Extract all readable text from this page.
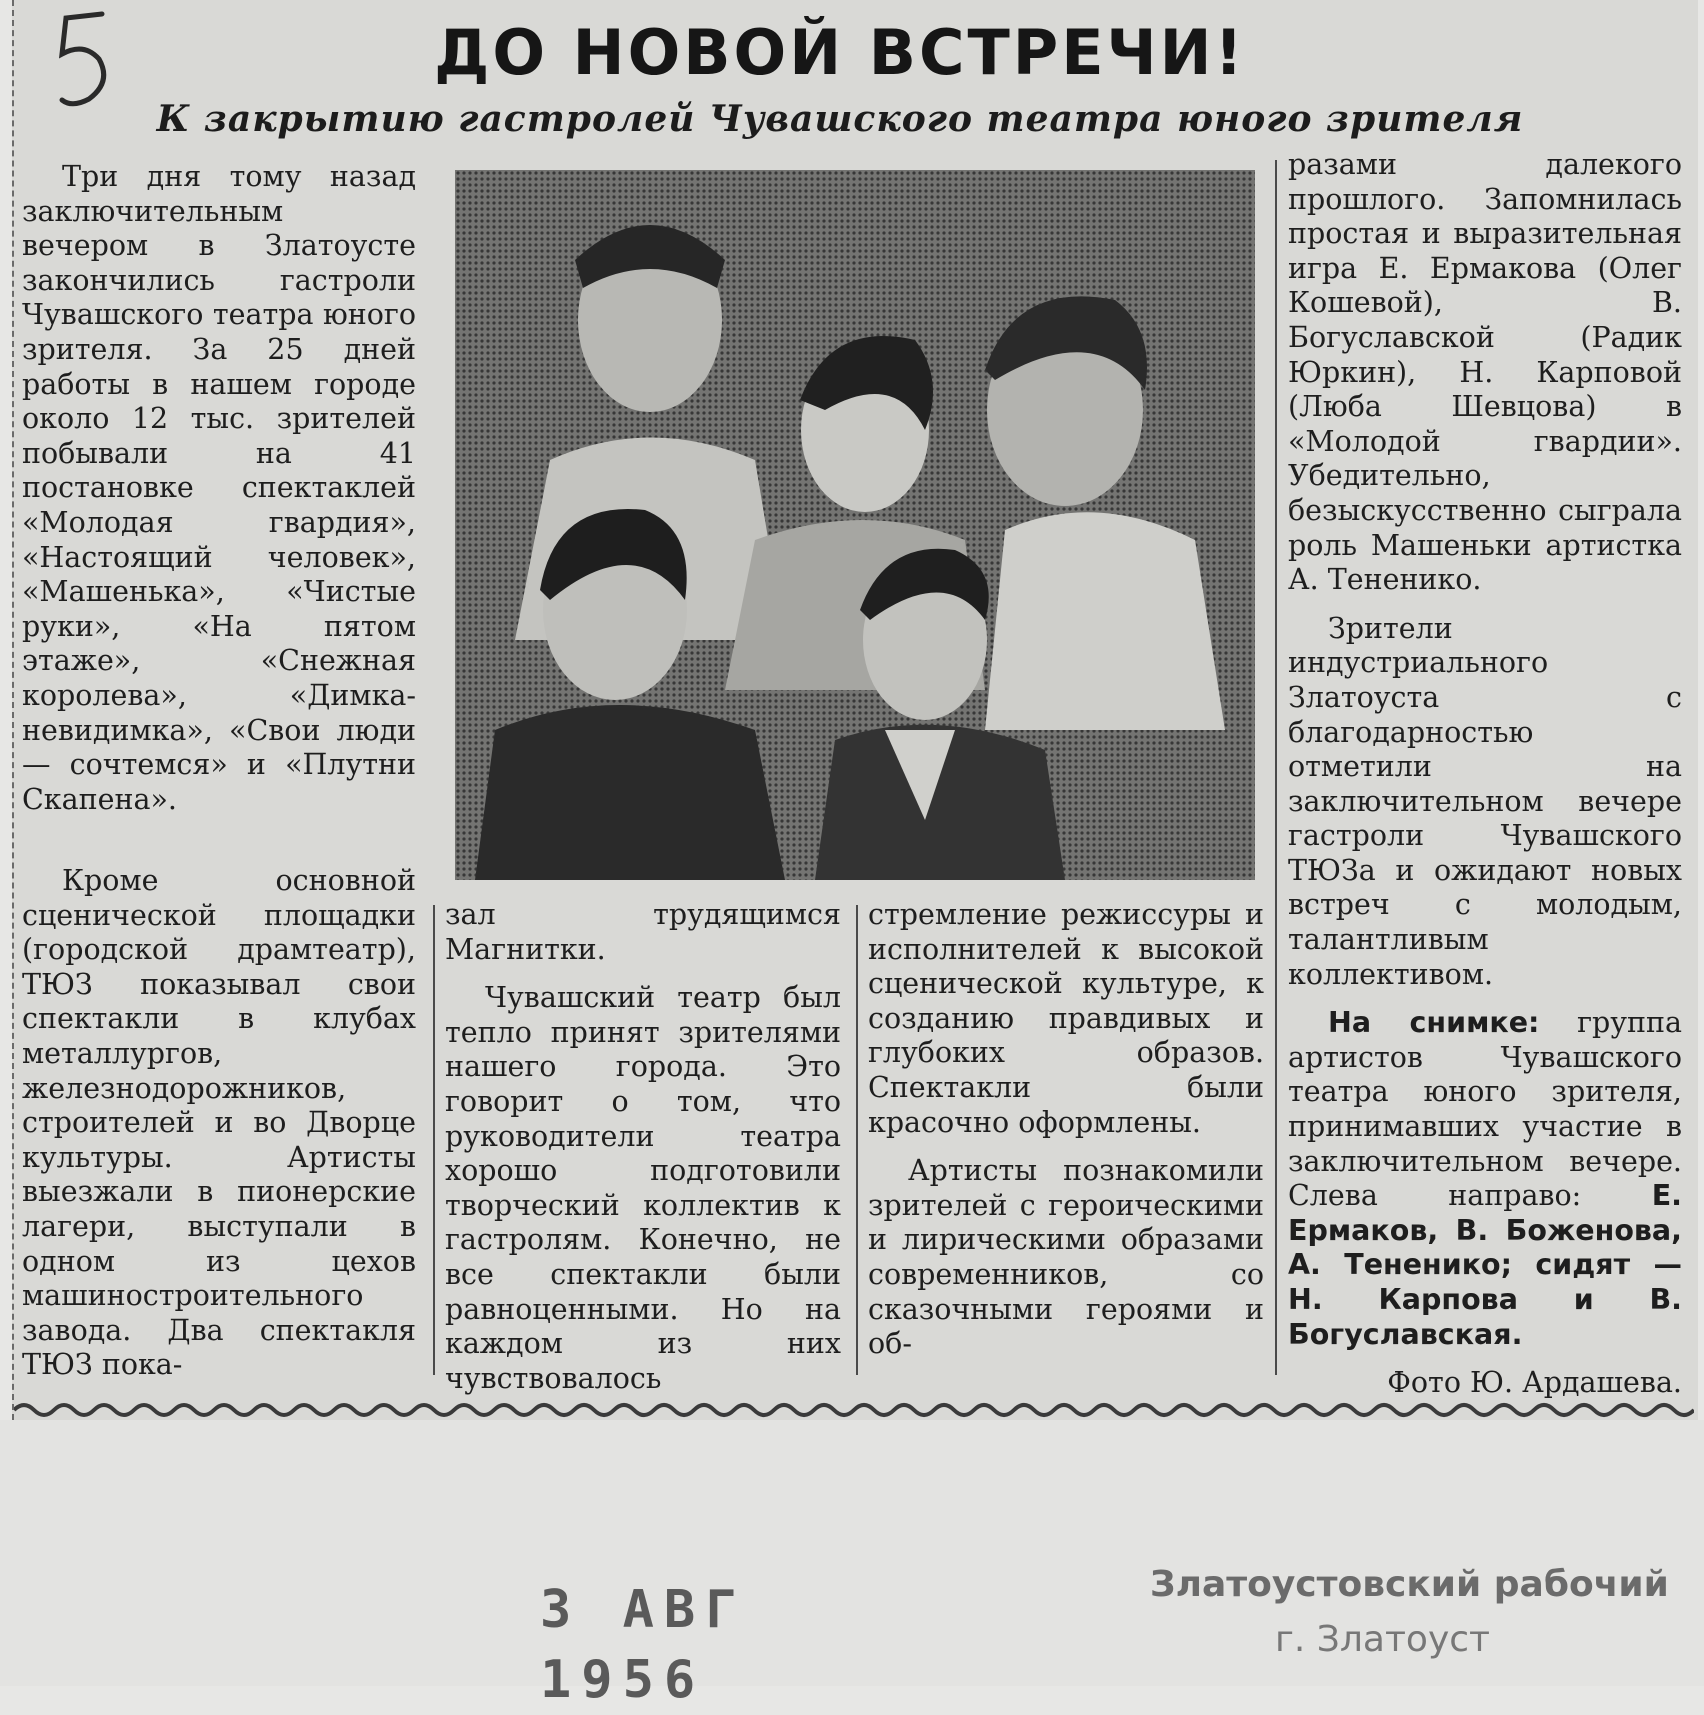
ДО НОВОЙ ВСТРЕЧИ!
К закрытию гастролей Чувашского театра юного зрителя

Три дня тому назад заключительным вечером в Златоусте закончились гастроли Чувашского театра юного зрителя. За 25 дней работы в нашем городе около 12 тыс. зрителей побывали на 41 постановке спектаклей «Молодая гвардия», «Настоящий человек», «Машенька», «Чистые руки», «На пятом этаже», «Снежная королева», «Димка-невидимка», «Свои люди — сочтемся» и «Плутни Скапена».

Кроме основной сценической площадки (городской драмтеатр), ТЮЗ показывал свои спектакли в клубах металлургов, железнодорожников, строителей и во Дворце культуры. Артисты выезжали в пионерские лагери, выступали в одном из цехов машиностроительного завода. Два спектакля ТЮЗ пока-

зал трудящимся Магнитки.

Чувашский театр был тепло принят зрителями нашего города. Это говорит о том, что руководители театра хорошо подготовили творческий коллектив к гастролям. Конечно, не все спектакли были равноценными. Но на каждом из них чувствовалось

стремление режиссуры и исполнителей к высокой сценической культуре, к созданию правдивых и глубоких образов. Спектакли были красочно оформлены.

Артисты познакомили зрителей с героическими и лирическими образами современников, со сказочными героями и об-

разами далекого прошлого. Запомнилась простая и выразительная игра Е. Ермакова (Олег Кошевой), В. Богуславской (Радик Юркин), Н. Карповой (Люба Шевцова) в «Молодой гвардии». Убедительно, безыскусственно сыграла роль Машеньки артистка А. Тененико.

Зрители индустриального Златоуста с благодарностью отметили на заключительном вечере гастроли Чувашского ТЮЗа и ожидают новых встреч с молодым, талантливым коллективом.

На снимке: группа артистов Чувашского театра юного зрителя, принимавших участие в заключительном вечере. Слева направо: Е. Ермаков, В. Боженова, А. Тененико; сидят — Н. Карпова и В. Богуславская.

Фото Ю. Ардашева.

3 АВГ 1956

Златоустовский рабочий

г. Златоуст
